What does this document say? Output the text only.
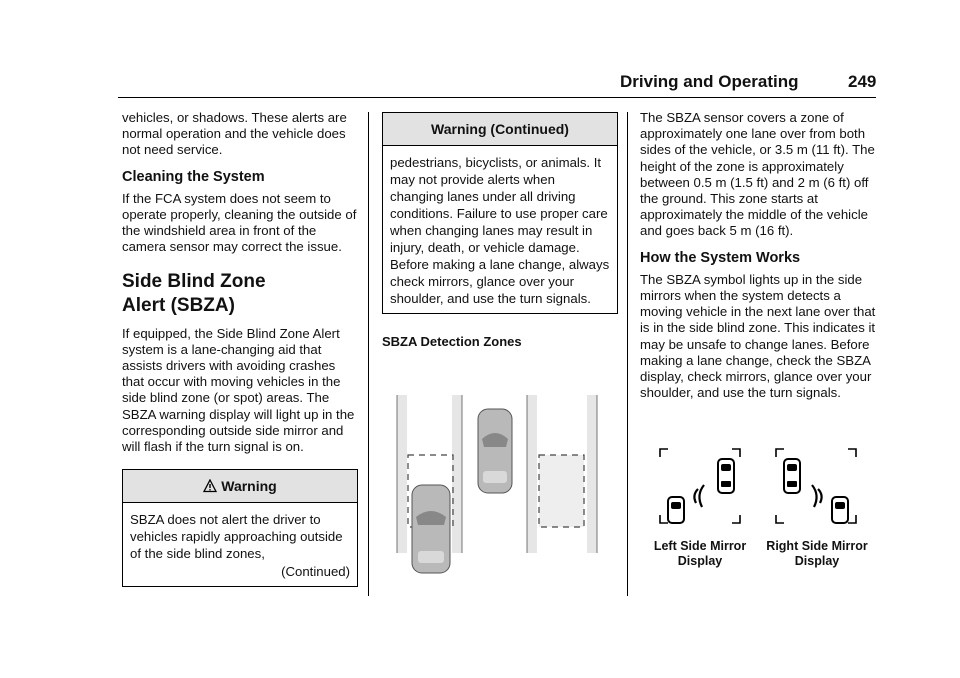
Driving and Operating	249

vehicles, or shadows. These alerts are normal operation and the vehicle does not need service.

Cleaning the System

If the FCA system does not seem to operate properly, cleaning the outside of the windshield area in front of the camera sensor may correct the issue.

Side Blind Zone
Alert (SBZA)

If equipped, the Side Blind Zone Alert system is a lane-changing aid that assists drivers with avoiding crashes that occur with moving vehicles in the side blind zone (or spot) areas. The SBZA warning display will light up in the corresponding outside side mirror and will flash if the turn signal is on.

Warning

SBZA does not alert the driver to vehicles rapidly approaching outside of the side blind zones,

(Continued)

Warning (Continued)

pedestrians, bicyclists, or animals. It may not provide alerts when changing lanes under all driving conditions. Failure to use proper care when changing lanes may result in injury, death, or vehicle damage. Before making a lane change, always check mirrors, glance over your shoulder, and use the turn signals.

SBZA Detection Zones

The SBZA sensor covers a zone of approximately one lane over from both sides of the vehicle, or 3.5 m (11 ft). The height of the zone is approximately between 0.5 m (1.5 ft) and 2 m (6 ft) off the ground. This zone starts at approximately the middle of the vehicle and goes back 5 m (16 ft).

How the System Works

The SBZA symbol lights up in the side mirrors when the system detects a moving vehicle in the next lane over that is in the side blind zone. This indicates it may be unsafe to change lanes. Before making a lane change, check the SBZA display, check mirrors, glance over your shoulder, and use the turn signals.

Left Side Mirror
Display
Right Side Mirror
Display
